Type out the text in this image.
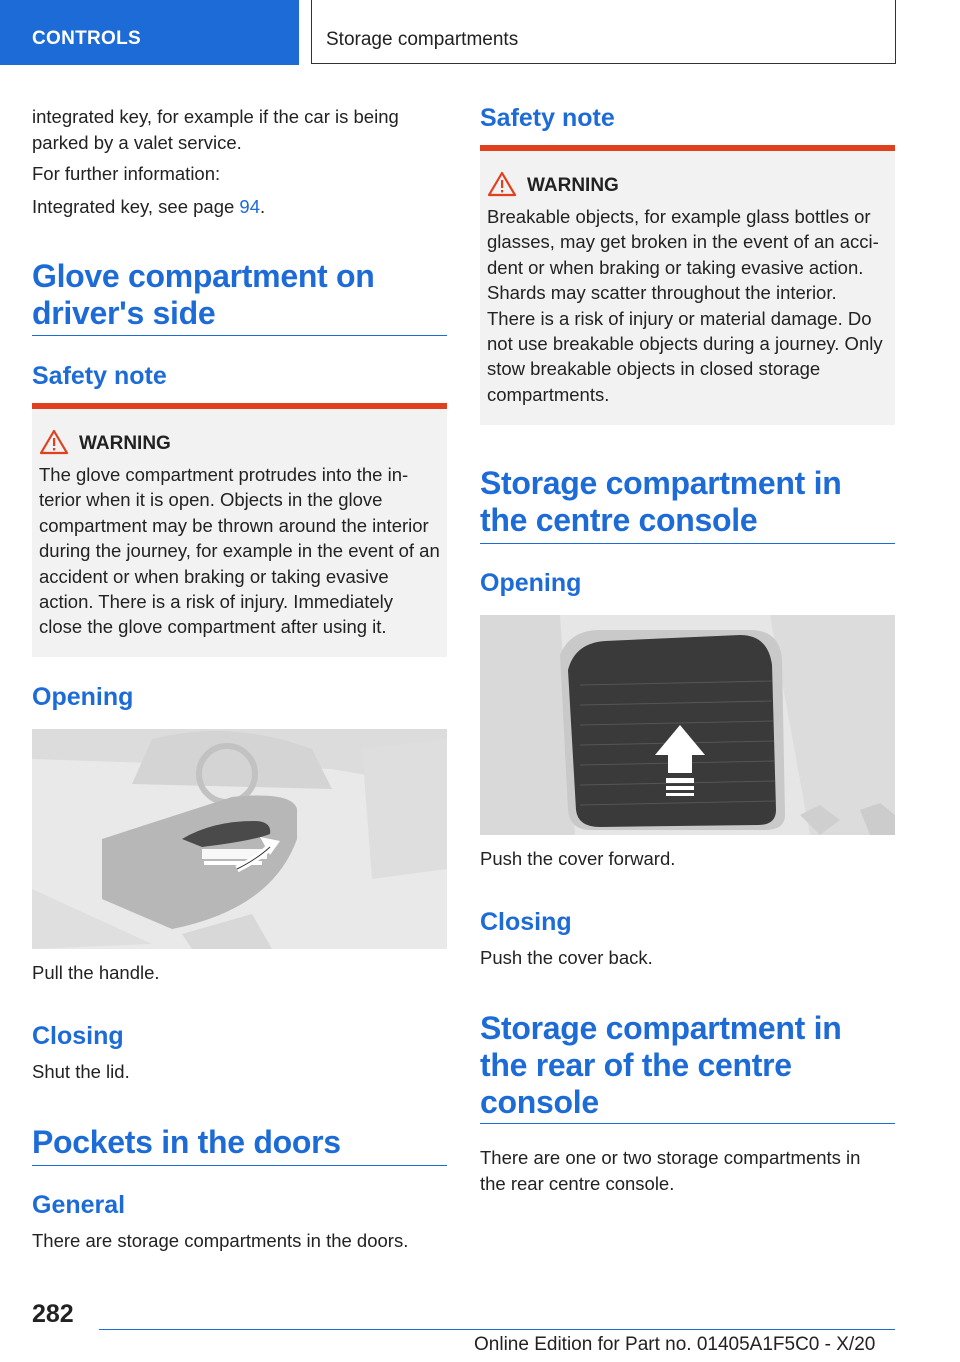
CONTROLS	Storage compartments

integrated key, for example if the car is being parked by a valet service.

For further information:

Integrated key, see page 94.

Glove compartment on driver's side
Safety note
WARNING

The glove compartment protrudes into the interior when it is open. Objects in the glove compartment may be thrown around the interior during the journey, for example in the event of an accident or when braking or taking evasive action. There is a risk of injury. Immediately close the glove compartment after using it.

Opening

Pull the handle.

Closing

Shut the lid.

Pockets in the doors
General

There are storage compartments in the doors.

Safety note
WARNING

Breakable objects, for example glass bottles or glasses, may get broken in the event of an accident or when braking or taking evasive action. Shards may scatter throughout the interior. There is a risk of injury or material damage. Do not use breakable objects during a journey. Only stow breakable objects in closed storage compartments.

Storage compartment in the centre console
Opening

Push the cover forward.

Closing

Push the cover back.

Storage compartment in the rear of the centre console

There are one or two storage compartments in the rear centre console.

282
Online Edition for Part no. 01405A1F5C0 - X/20
